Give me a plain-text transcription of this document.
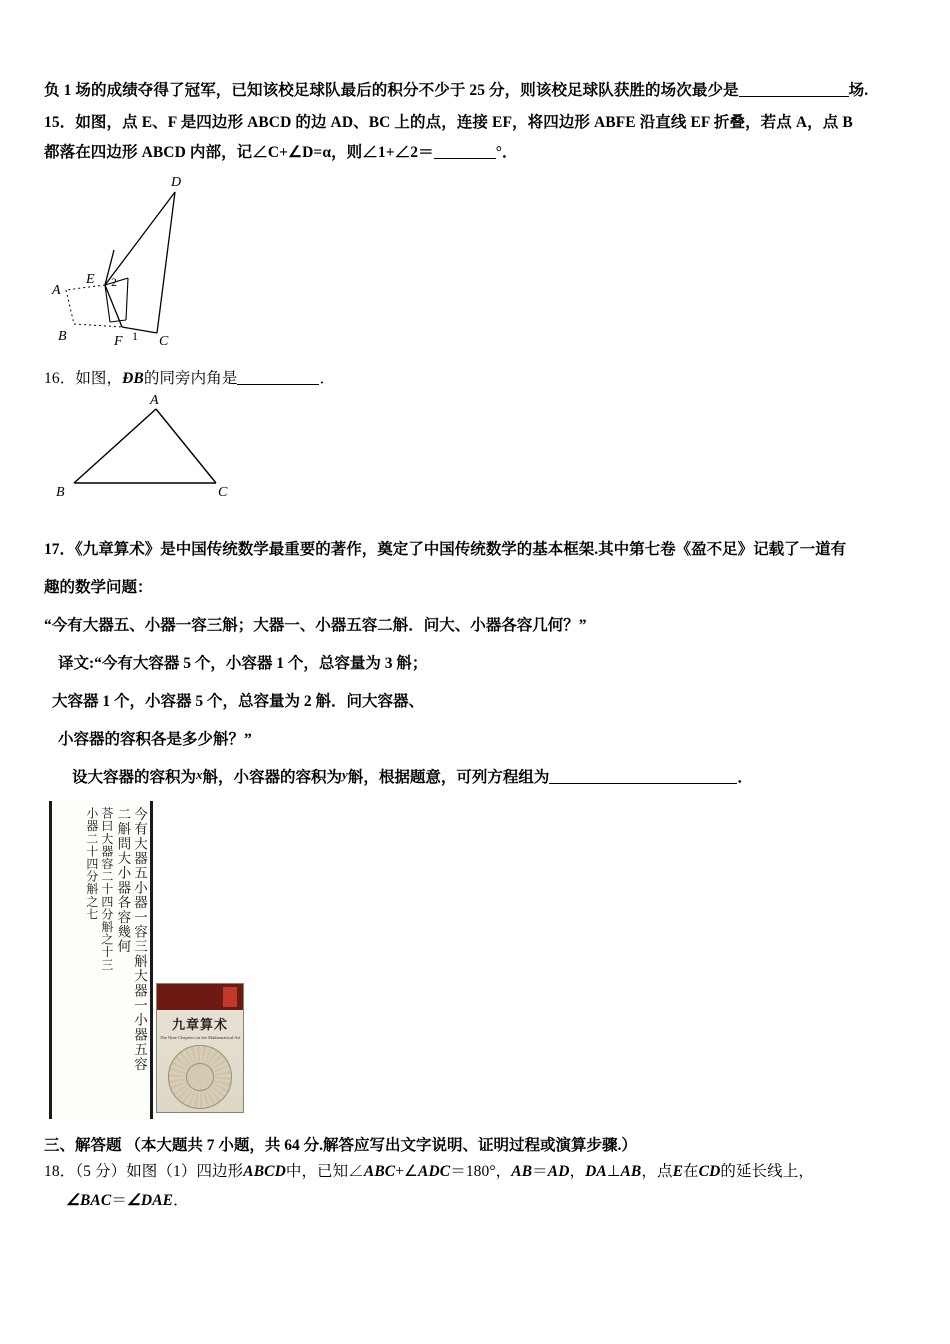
负 1 场的成绩夺得了冠军，已知该校足球队最后的积分不少于 25 分，则该校足球队获胜的场次最少是	场.
15．如图，点 E、F 是四边形 ABCD 的边 AD、BC 上的点，连接 EF，将四边形 ABFE 沿直线 EF 折叠，若点 A，点 B
都落在四边形 ABCD 内部，记∠C+∠D=α，则∠1+∠2＝	°．
D
E
A
B	F	C
2
1
16．如图，ÐB的同旁内角是	．
A
B	C
17．《九章算术》是中国传统数学最重要的著作，奠定了中国传统数学的基本框架.其中第七卷《盈不足》记载了一道有
趣的数学问题：
“今有大器五、小器一容三斛；大器一、小器五容二斛．问大、小器各容几何？”
译文:“今有大容器 5 个，小容器 1 个，总容量为 3 斛；
大容器 1 个，小容器 5 个，总容量为 2 斛．问大容器、
小容器的容积各是多少斛？”
设大容器的容积为x斛，小容器的容积为y斛，根据题意，可列方程组为	．
今有大器五小器一容三斛大器一小器五容
二斛問大小器各容幾何
荅曰大器容二十四分斛之十三
小器二十四分斛之七
九章算术
The Nine Chapters on the Mathematical Art
三、解答题 （本大题共 7 小题，共 64 分.解答应写出文字说明、证明过程或演算步骤.）
18．（5 分）如图（1）四边形ABCD中，已知∠ABC+∠ADC＝180°，AB＝AD，DA⊥AB，点E在CD的延长线上，
∠BAC＝∠DAE．
